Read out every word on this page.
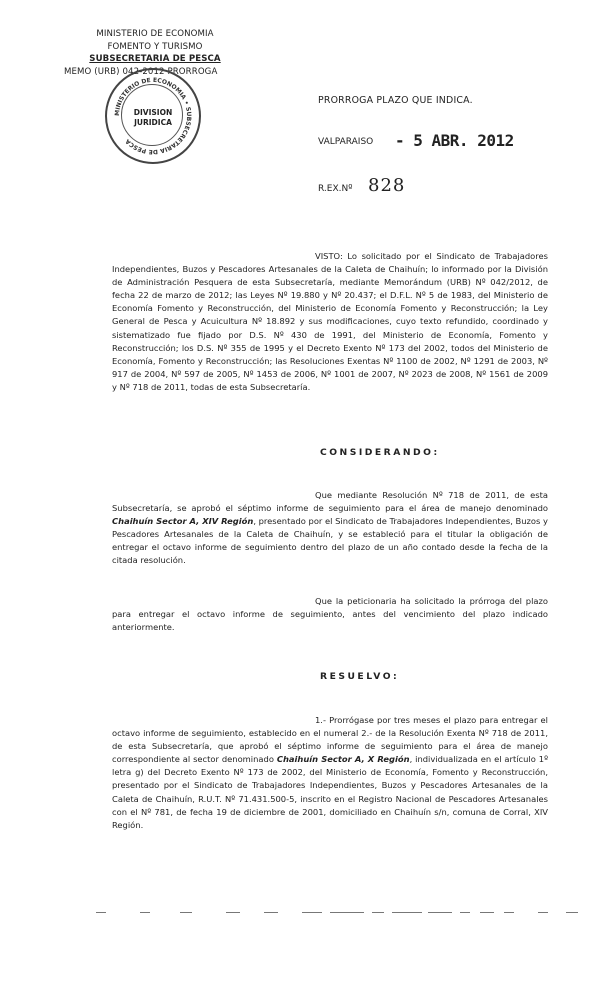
MINISTERIO DE ECONOMIA
FOMENTO Y TURISMO
SUBSECRETARIA DE PESCA
MEMO (URB) 042-2012 PRORROGA
MINISTERIO DE ECONOMIA • SUBSECRETARIA DE PESCA
DIVISION
JURIDICA
PRORROGA PLAZO QUE INDICA.
VALPARAISO - 5 ABR. 2012
R.EX.Nº 828
VISTO: Lo solicitado por el Sindicato de Trabajadores Independientes, Buzos y Pescadores Artesanales de la Caleta de Chaihuín; lo informado por la División de Administración Pesquera de esta Subsecretaría, mediante Memorándum (URB) Nº 042/2012, de fecha 22 de marzo de 2012; las Leyes Nº 19.880 y Nº 20.437; el D.F.L. Nº 5 de 1983, del Ministerio de Economía Fomento y Reconstrucción, del Ministerio de Economía Fomento y Reconstrucción; la Ley General de Pesca y Acuicultura Nº 18.892 y sus modificaciones, cuyo texto refundido, coordinado y sistematizado fue fijado por D.S. Nº 430 de 1991, del Ministerio de Economía, Fomento y Reconstrucción; los D.S. Nº 355 de 1995 y el Decreto Exento Nº 173 del 2002, todos del Ministerio de Economía, Fomento y Reconstrucción; las Resoluciones Exentas Nº 1100 de 2002, Nº 1291 de 2003, Nº 917 de 2004, Nº 597 de 2005, Nº 1453 de 2006, Nº 1001 de 2007, Nº 2023 de 2008, Nº 1561 de 2009 y Nº 718 de 2011, todas de esta Subsecretaría.
CONSIDERANDO:
Que mediante Resolución Nº 718 de 2011, de esta Subsecretaría, se aprobó el séptimo informe de seguimiento para el área de manejo denominado Chaihuín Sector A, XIV Región, presentado por el Sindicato de Trabajadores Independientes, Buzos y Pescadores Artesanales de la Caleta de Chaihuín, y se estableció para el titular la obligación de entregar el octavo informe de seguimiento dentro del plazo de un año contado desde la fecha de la citada resolución.
Que la peticionaria ha solicitado la prórroga del plazo para entregar el octavo informe de seguimiento, antes del vencimiento del plazo indicado anteriormente.
RESUELVO:
1.- Prorrógase por tres meses el plazo para entregar el octavo informe de seguimiento, establecido en el numeral 2.- de la Resolución Exenta Nº 718 de 2011, de esta Subsecretaría, que aprobó el séptimo informe de seguimiento para el área de manejo correspondiente al sector denominado Chaihuín Sector A, X Región, individualizada en el artículo 1º letra g) del Decreto Exento Nº 173 de 2002, del Ministerio de Economía, Fomento y Reconstrucción, presentado por el Sindicato de Trabajadores Independientes, Buzos y Pescadores Artesanales de la Caleta de Chaihuín, R.U.T. Nº 71.431.500-5, inscrito en el Registro Nacional de Pescadores Artesanales con el Nº 781, de fecha 19 de diciembre de 2001, domiciliado en Chaihuín s/n, comuna de Corral, XIV Región.
